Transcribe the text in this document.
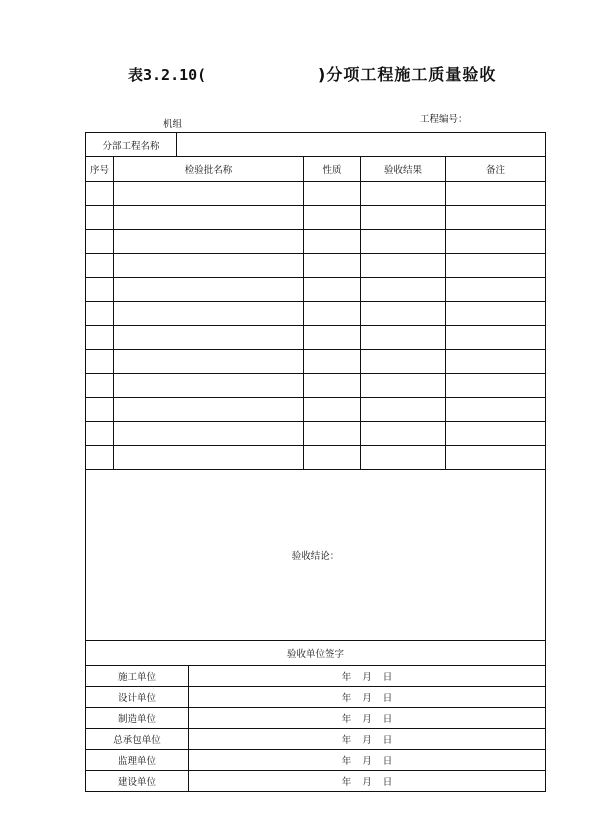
表3.2.10(	)分项工程施工质量验收
机组	工程编号：
分部工程名称						
序号	检验批名称			性质	验收结果	备注

验收结论：						
验收单位签字						
施工单位			年 月 日			
设计单位			年 月 日			
制造单位			年 月 日			
总承包单位			年 月 日			
监理单位			年 月 日			
建设单位			年 月 日			
